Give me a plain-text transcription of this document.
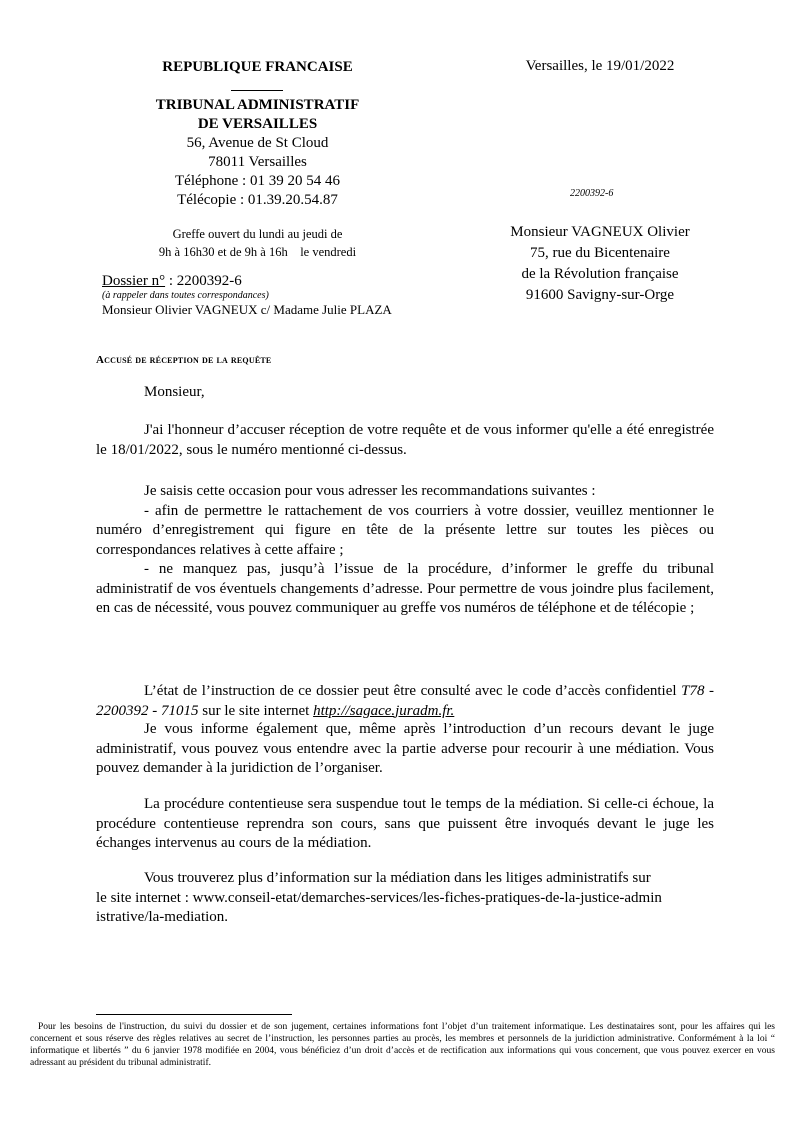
REPUBLIQUE FRANCAISE
TRIBUNAL ADMINISTRATIF
DE VERSAILLES
56, Avenue de St Cloud
78011 Versailles
Téléphone : 01 39 20 54 46
Télécopie : 01.39.20.54.87
Versailles, le 19/01/2022
2200392-6
Greffe ouvert du lundi au jeudi de
9h à 16h30 et de 9h à 16h    le vendredi
Monsieur VAGNEUX Olivier
75, rue du Bicentenaire
de la Révolution française
91600 Savigny-sur-Orge
Dossier n° : 2200392-6
(à rappeler dans toutes correspondances)
Monsieur Olivier VAGNEUX c/ Madame Julie PLAZA
Accusé de réception de la requête
Monsieur,
J'ai l'honneur d’accuser réception de votre requête et de vous informer qu'elle a été enregistrée le 18/01/2022, sous le numéro mentionné ci-dessus.
Je saisis cette occasion pour vous adresser les recommandations suivantes :
- afin de permettre le rattachement de vos courriers à votre dossier, veuillez mentionner le numéro d’enregistrement qui figure en tête de la présente lettre sur toutes les pièces ou correspondances relatives à cette affaire ;
- ne manquez pas, jusqu’à l’issue de la procédure, d’informer le greffe du tribunal administratif de vos éventuels changements d’adresse. Pour permettre de vous joindre plus facilement, en cas de nécessité, vous pouvez communiquer au greffe vos numéros de téléphone et de télécopie ;
L’état de l’instruction de ce dossier peut être consulté avec le code d’accès confidentiel T78 - 2200392 - 71015 sur le site internet http://sagace.juradm.fr.
Je vous informe également que, même après l’introduction d’un recours devant le juge administratif, vous pouvez vous entendre avec la partie adverse pour recourir à une médiation. Vous pouvez demander à la juridiction de l’organiser.
La procédure contentieuse sera suspendue tout le temps de la médiation. Si celle-ci échoue, la procédure contentieuse reprendra son cours, sans que puissent être invoqués devant le juge les échanges intervenus au cours de la médiation.
Vous trouverez plus d’information sur la médiation dans les litiges administratifs sur
le site internet : www.conseil-etat/demarches-services/les-fiches-pratiques-de-la-justice-admin
istrative/la-mediation.
Pour les besoins de l'instruction, du suivi du dossier et de son jugement, certaines informations font l’objet d’un traitement informatique. Les destinataires sont, pour les affaires qui les concernent et sous réserve des règles relatives au secret de l’instruction, les personnes parties au procès, les membres et personnels de la juridiction administrative. Conformément à la loi “ informatique et libertés ” du 6 janvier 1978 modifiée en 2004, vous bénéficiez d’un droit d’accès et de rectification aux informations qui vous concernent, que vous pouvez exercer en vous adressant au président du tribunal administratif.
